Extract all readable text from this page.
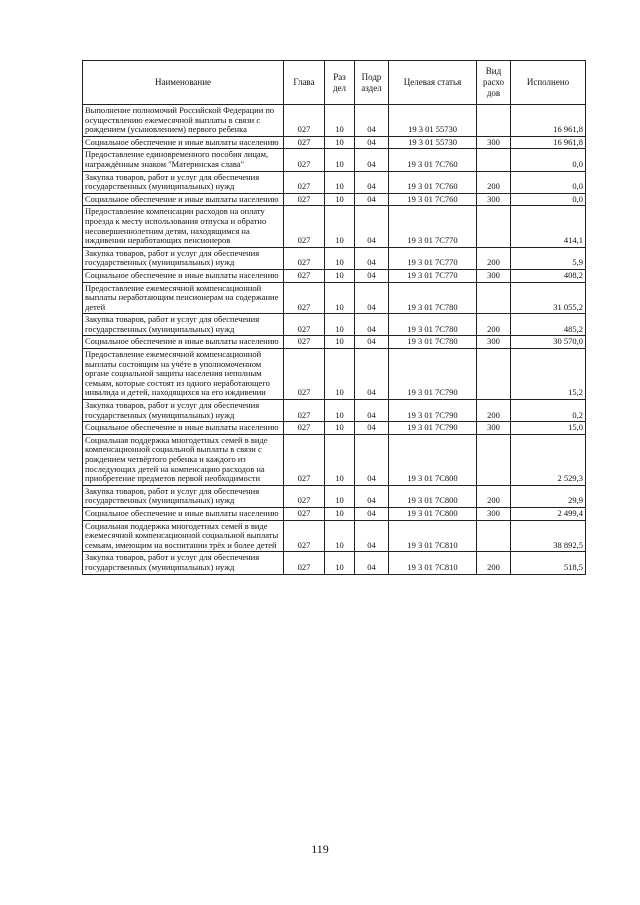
Наименование	Глава	Раз дел	Подр аздел	Целевая статья	Вид расхо дов	Исполнено
Выполнение полномочий Российской Федерации по осуществлению ежемесячной выплаты в связи с рождением (усыновлением) первого ребенка	027	10	04	19 3 01 55730		16 961,8
Социальное обеспечение и иные выплаты населению	027	10	04	19 3 01 55730	300	16 961,8
Предоставление единовременного пособия лицам, награждённым знаком "Материнская слава"	027	10	04	19 3 01 7С760		0,0
Закупка товаров, работ и услуг для обеспечения государственных (муниципальных) нужд	027	10	04	19 3 01 7С760	200	0,0
Социальное обеспечение и иные выплаты населению	027	10	04	19 3 01 7С760	300	0,0
Предоставление компенсации расходов на оплату проезда к месту использования отпуска и обратно несовершеннолетним детям, находящимся на иждивении неработающих пенсионеров	027	10	04	19 3 01 7С770		414,1
Закупка товаров, работ и услуг для обеспечения государственных (муниципальных) нужд	027	10	04	19 3 01 7С770	200	5,9
Социальное обеспечение и иные выплаты населению	027	10	04	19 3 01 7С770	300	408,2
Предоставление ежемесячной компенсационной выплаты неработающим пенсионерам на содержание детей	027	10	04	19 3 01 7С780		31 055,2
Закупка товаров, работ и услуг для обеспечения государственных (муниципальных) нужд	027	10	04	19 3 01 7С780	200	485,2
Социальное обеспечение и иные выплаты населению	027	10	04	19 3 01 7С780	300	30 570,0
Предоставление ежемесячной компенсационной выплаты состоящим на учёте в уполномоченном органе социальной защиты населения неполным семьям, которые состоят из одного неработающего инвалида и детей, находящихся на его иждивении	027	10	04	19 3 01 7С790		15,2
Закупка товаров, работ и услуг для обеспечения государственных (муниципальных) нужд	027	10	04	19 3 01 7С790	200	0,2
Социальное обеспечение и иные выплаты населению	027	10	04	19 3 01 7С790	300	15,0
Социальная поддержка многодетных семей в виде компенсационной социальной выплаты в связи с рождением четвёртого ребенка и каждого из последующих детей на компенсацию расходов на приобретение предметов первой необходимости	027	10	04	19 3 01 7С800		2 529,3
Закупка товаров, работ и услуг для обеспечения государственных (муниципальных) нужд	027	10	04	19 3 01 7С800	200	29,9
Социальное обеспечение и иные выплаты населению	027	10	04	19 3 01 7С800	300	2 499,4
Социальная поддержка многодетных семей в виде ежемесячной компенсационной социальной выплаты семьям, имеющим на воспитании трёх и более детей	027	10	04	19 3 01 7С810		38 892,5
Закупка товаров, работ и услуг для обеспечения государственных (муниципальных) нужд	027	10	04	19 3 01 7С810	200	518,5
119
